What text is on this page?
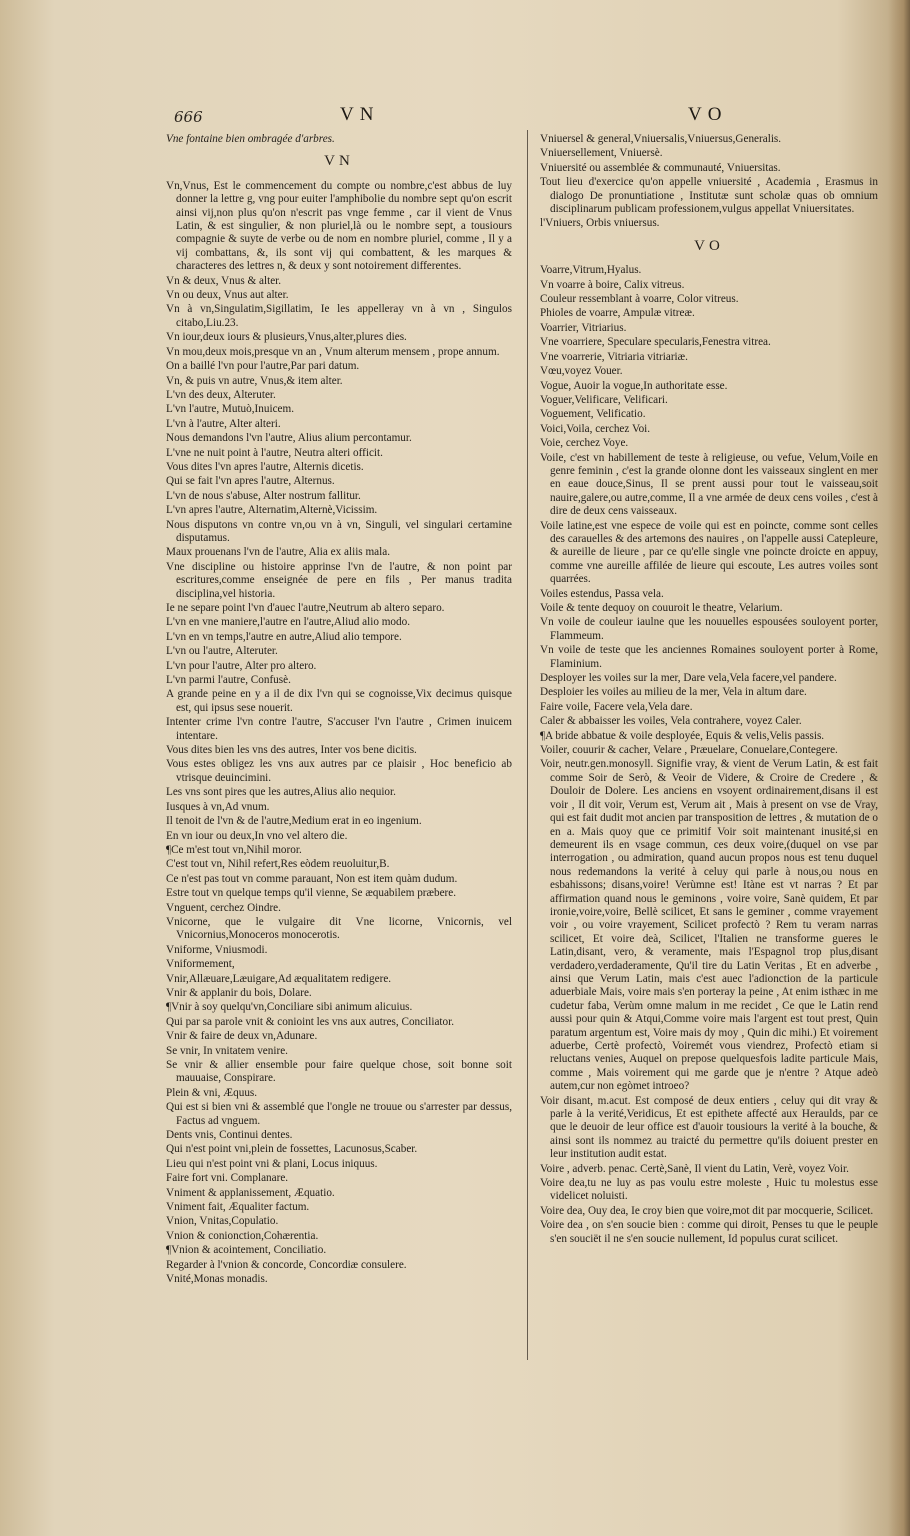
666	VN	VO
Vne fontaine bien ombragée d'arbres.
VN
Vn,Vnus, Est le commencement du compte ou nombre,c'est abbus de luy donner la lettre g, vng pour euiter l'amphibolie du nombre sept qu'on escrit ainsi vij,non plus qu'on n'escrit pas vnge femme , car il vient de Vnus Latin, & est singulier, & non pluriel,là ou le nombre sept, a tousiours compagnie & suyte de verbe ou de nom en nombre pluriel, comme , Il y a vij combattans, &, ils sont vij qui combattent, & les marques & characteres des lettres n, & deux y sont notoirement differentes.
Vn & deux, Vnus & alter.
Vn ou deux, Vnus aut alter.
Vn à vn,Singulatim,Sigillatim, Ie les appelleray vn à vn , Singulos citabo,Liu.23.
Vn iour,deux iours & plusieurs,Vnus,alter,plures dies.
Vn mou,deux mois,presque vn an , Vnum alterum mensem , prope annum.
On a baillé l'vn pour l'autre,Par pari datum.
Vn, & puis vn autre, Vnus,& item alter.
L'vn des deux, Alteruter.
L'vn l'autre, Mutuò,Inuicem.
L'vn à l'autre, Alter alteri.
Nous demandons l'vn l'autre, Alius alium percontamur.
L'vne ne nuit point à l'autre, Neutra alteri officit.
Vous dites l'vn apres l'autre, Alternis dicetis.
Qui se fait l'vn apres l'autre, Alternus.
L'vn de nous s'abuse, Alter nostrum fallitur.
L'vn apres l'autre, Alternatim,Alternè,Vicissim.
Nous disputons vn contre vn,ou vn à vn, Singuli, vel singulari certamine disputamus.
Maux prouenans l'vn de l'autre, Alia ex aliis mala.
Vne discipline ou histoire apprinse l'vn de l'autre, & non point par escritures,comme enseignée de pere en fils , Per manus tradita disciplina,vel historia.
Ie ne separe point l'vn d'auec l'autre,Neutrum ab altero separo.
L'vn en vne maniere,l'autre en l'autre,Aliud alio modo.
L'vn en vn temps,l'autre en autre,Aliud alio tempore.
L'vn ou l'autre, Alteruter.
L'vn pour l'autre, Alter pro altero.
L'vn parmi l'autre, Confusè.
A grande peine en y a il de dix l'vn qui se cognoisse,Vix decimus quisque est, qui ipsus sese nouerit.
Intenter crime l'vn contre l'autre, S'accuser l'vn l'autre , Crimen inuicem intentare.
Vous dites bien les vns des autres, Inter vos bene dicitis.
Vous estes obligez les vns aux autres par ce plaisir , Hoc beneficio ab vtrisque deuincimini.
Les vns sont pires que les autres,Alius alio nequior.
Iusques à vn,Ad vnum.
Il tenoit de l'vn & de l'autre,Medium erat in eo ingenium.
En vn iour ou deux,In vno vel altero die.
¶Ce m'est tout vn,Nihil moror.
C'est tout vn, Nihil refert,Res eòdem reuoluitur,B.
Ce n'est pas tout vn comme parauant, Non est item quàm dudum.
Estre tout vn quelque temps qu'il vienne, Se æquabilem præbere.
Vnguent, cerchez Oindre.
Vnicorne, que le vulgaire dit Vne licorne, Vnicornis, vel Vnicornius,Monoceros monocerotis.
Vniforme, Vniusmodi.
Vniformement,
Vnir,Allæuare,Læuigare,Ad æqualitatem redigere.
Vnir & applanir du bois, Dolare.
¶Vnir à soy quelqu'vn,Conciliare sibi animum alicuius.
Qui par sa parole vnit & conioint les vns aux autres, Conciliator.
Vnir & faire de deux vn,Adunare.
Se vnir, In vnitatem venire.
Se vnir & allier ensemble pour faire quelque chose, soit bonne soit mauuaise, Conspirare.
Plein & vni, Æquus.
Qui est si bien vni & assemblé que l'ongle ne trouue ou s'arrester par dessus, Factus ad vnguem.
Dents vnis, Continui dentes.
Qui n'est point vni,plein de fossettes, Lacunosus,Scaber.
Lieu qui n'est point vni & plani, Locus iniquus.
Faire fort vni. Complanare.
Vniment & applanissement, Æquatio.
Vniment fait, Æqualiter factum.
Vnion, Vnitas,Copulatio.
Vnion & conionction,Cohærentia.
¶Vnion & acointement, Conciliatio.
Regarder à l'vnion & concorde, Concordiæ consulere.
Vnité,Monas monadis.
Vniuersel & general,Vniuersalis,Vniuersus,Generalis.
Vniuersellement, Vniuersè.
Vniuersité ou assemblée & communauté, Vniuersitas.
Tout lieu d'exercice qu'on appelle vniuersité , Academia , Erasmus in dialogo De pronuntiatione , Institutæ sunt scholæ quas ob omnium disciplinarum publicam professionem,vulgus appellat Vniuersitates.
l'Vniuers, Orbis vniuersus.
VO
Voarre,Vitrum,Hyalus.
Vn voarre à boire, Calix vitreus.
Couleur ressemblant à voarre, Color vitreus.
Phioles de voarre, Ampulæ vitreæ.
Voarrier, Vitriarius.
Vne voarriere, Speculare specularis,Fenestra vitrea.
Vne voarrerie, Vitriaria vitriariæ.
Vœu,voyez Vouer.
Vogue, Auoir la vogue,In authoritate esse.
Voguer,Velificare, Velificari.
Voguement, Velificatio.
Voici,Voila, cerchez Voi.
Voie, cerchez Voye.
Voile, c'est vn habillement de teste à religieuse, ou vefue, Velum,Voile en genre feminin , c'est la grande olonne dont les vaisseaux singlent en mer en eaue douce,Sinus, Il se prent aussi pour tout le vaisseau,soit nauire,galere,ou autre,comme, Il a vne armée de deux cens voiles , c'est à dire de deux cens vaisseaux.
Voile latine,est vne espece de voile qui est en poincte, comme sont celles des carauelles & des artemons des nauires , on l'appelle aussi Catepleure, & aureille de lieure , par ce qu'elle single vne poincte droicte en appuy, comme vne aureille affilée de lieure qui escoute, Les autres voiles sont quarrées.
Voiles estendus, Passa vela.
Voile & tente dequoy on couuroit le theatre, Velarium.
Vn voile de couleur iaulne que les nouuelles espousées souloyent porter, Flammeum.
Vn voile de teste que les anciennes Romaines souloyent porter à Rome, Flaminium.
Desployer les voiles sur la mer, Dare vela,Vela facere,vel pandere.
Desploier les voiles au milieu de la mer, Vela in altum dare.
Faire voile, Facere vela,Vela dare.
Caler & abbaisser les voiles, Vela contrahere, voyez Caler.
¶A bride abbatue & voile desployée, Equis & velis,Velis passis.
Voiler, couurir & cacher, Velare , Præuelare, Conuelare,Contegere.
Voir, neutr.gen.monosyll. Signifie vray, & vient de Verum Latin, & est fait comme Soir de Serò, & Veoir de Videre, & Croire de Credere , & Douloir de Dolere. Les anciens en vsoyent ordinairement,disans il est voir , Il dit voir, Verum est, Verum ait , Mais à present on vse de Vray, qui est fait dudit mot ancien par transposition de lettres , & mutation de o en a. Mais quoy que ce primitif Voir soit maintenant inusité,si en demeurent ils en vsage commun, ces deux voire,(duquel on vse par interrogation , ou admiration, quand aucun propos nous est tenu duquel nous redemandons la verité à celuy qui parle à nous,ou nous en esbahissons; disans,voire! Verùmne est! Itàne est vt narras ? Et par affirmation quand nous le geminons , voire voire, Sanè quidem, Et par ironie,voire,voire, Bellè scilicet, Et sans le geminer , comme vrayement voir , ou voire vrayement, Scilicet profectò ? Rem tu veram narras scilicet, Et voire deà, Scilicet, l'Italien ne transforme gueres le Latin,disant, vero, & veramente, mais l'Espagnol trop plus,disant verdadero,verdaderamente, Qu'il tire du Latin Veritas , Et en adverbe , ainsi que Verum Latin, mais c'est auec l'adionction de la particule aduerbiale Mais, voire mais s'en porteray la peine , At enim isthæc in me cudetur faba, Verùm omne malum in me recidet , Ce que le Latin rend aussi pour quin & Atqui,Comme voire mais l'argent est tout prest, Quin paratum argentum est, Voire mais dy moy , Quin dic mihi.) Et voirement aduerbe, Certè profectò, Voiremét vous viendrez, Profectò etiam si reluctans venies, Auquel on prepose quelquesfois ladite particule Mais, comme , Mais voirement qui me garde que je n'entre ? Atque adeò autem,cur non egòmet introeo?
Voir disant, m.acut. Est composé de deux entiers , celuy qui dit vray & parle à la verité,Veridicus, Et est epithete affecté aux Heraulds, par ce que le deuoir de leur office est d'auoir tousiours la verité à la bouche, & ainsi sont ils nommez au traicté du permettre qu'ils doiuent prester en leur institution audit estat.
Voire , adverb. penac. Certè,Sanè, Il vient du Latin, Verè, voyez Voir.
Voire dea,tu ne luy as pas voulu estre moleste , Huic tu molestus esse videlicet noluisti.
Voire dea, Ouy dea, Ie croy bien que voire,mot dit par mocquerie, Scilicet.
Voire dea , on s'en soucie bien : comme qui diroit, Penses tu que le peuple s'en souciët il ne s'en soucie nullement, Id populus curat scilicet.
